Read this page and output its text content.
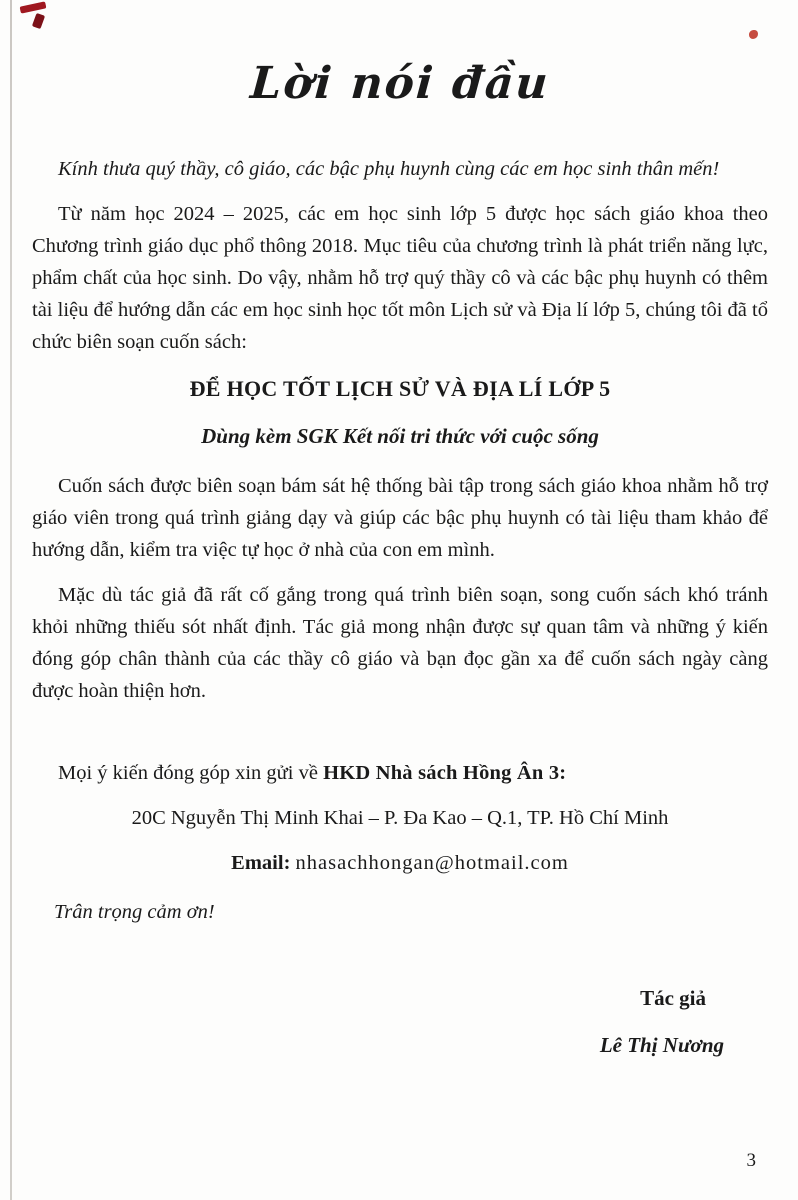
Lời nói đầu

Kính thưa quý thầy, cô giáo, các bậc phụ huynh cùng các em học sinh thân mến!

Từ năm học 2024 – 2025, các em học sinh lớp 5 được học sách giáo khoa theo Chương trình giáo dục phổ thông 2018. Mục tiêu của chương trình là phát triển năng lực, phẩm chất của học sinh. Do vậy, nhằm hỗ trợ quý thầy cô và các bậc phụ huynh có thêm tài liệu để hướng dẫn các em học sinh học tốt môn Lịch sử và Địa lí lớp 5, chúng tôi đã tổ chức biên soạn cuốn sách:

ĐỂ HỌC TỐT LỊCH SỬ VÀ ĐỊA LÍ LỚP 5
Dùng kèm SGK Kết nối tri thức với cuộc sống

Cuốn sách được biên soạn bám sát hệ thống bài tập trong sách giáo khoa nhằm hỗ trợ giáo viên trong quá trình giảng dạy và giúp các bậc phụ huynh có tài liệu tham khảo để hướng dẫn, kiểm tra việc tự học ở nhà của con em mình.

Mặc dù tác giả đã rất cố gắng trong quá trình biên soạn, song cuốn sách khó tránh khỏi những thiếu sót nhất định. Tác giả mong nhận được sự quan tâm và những ý kiến đóng góp chân thành của các thầy cô giáo và bạn đọc gần xa để cuốn sách ngày càng được hoàn thiện hơn.

Mọi ý kiến đóng góp xin gửi về HKD Nhà sách Hồng Ân 3:

20C Nguyễn Thị Minh Khai – P. Đa Kao – Q.1, TP. Hồ Chí Minh

Email: nhasachhongan@hotmail.com

Trân trọng cảm ơn!

Tác giả
Lê Thị Nương
3
